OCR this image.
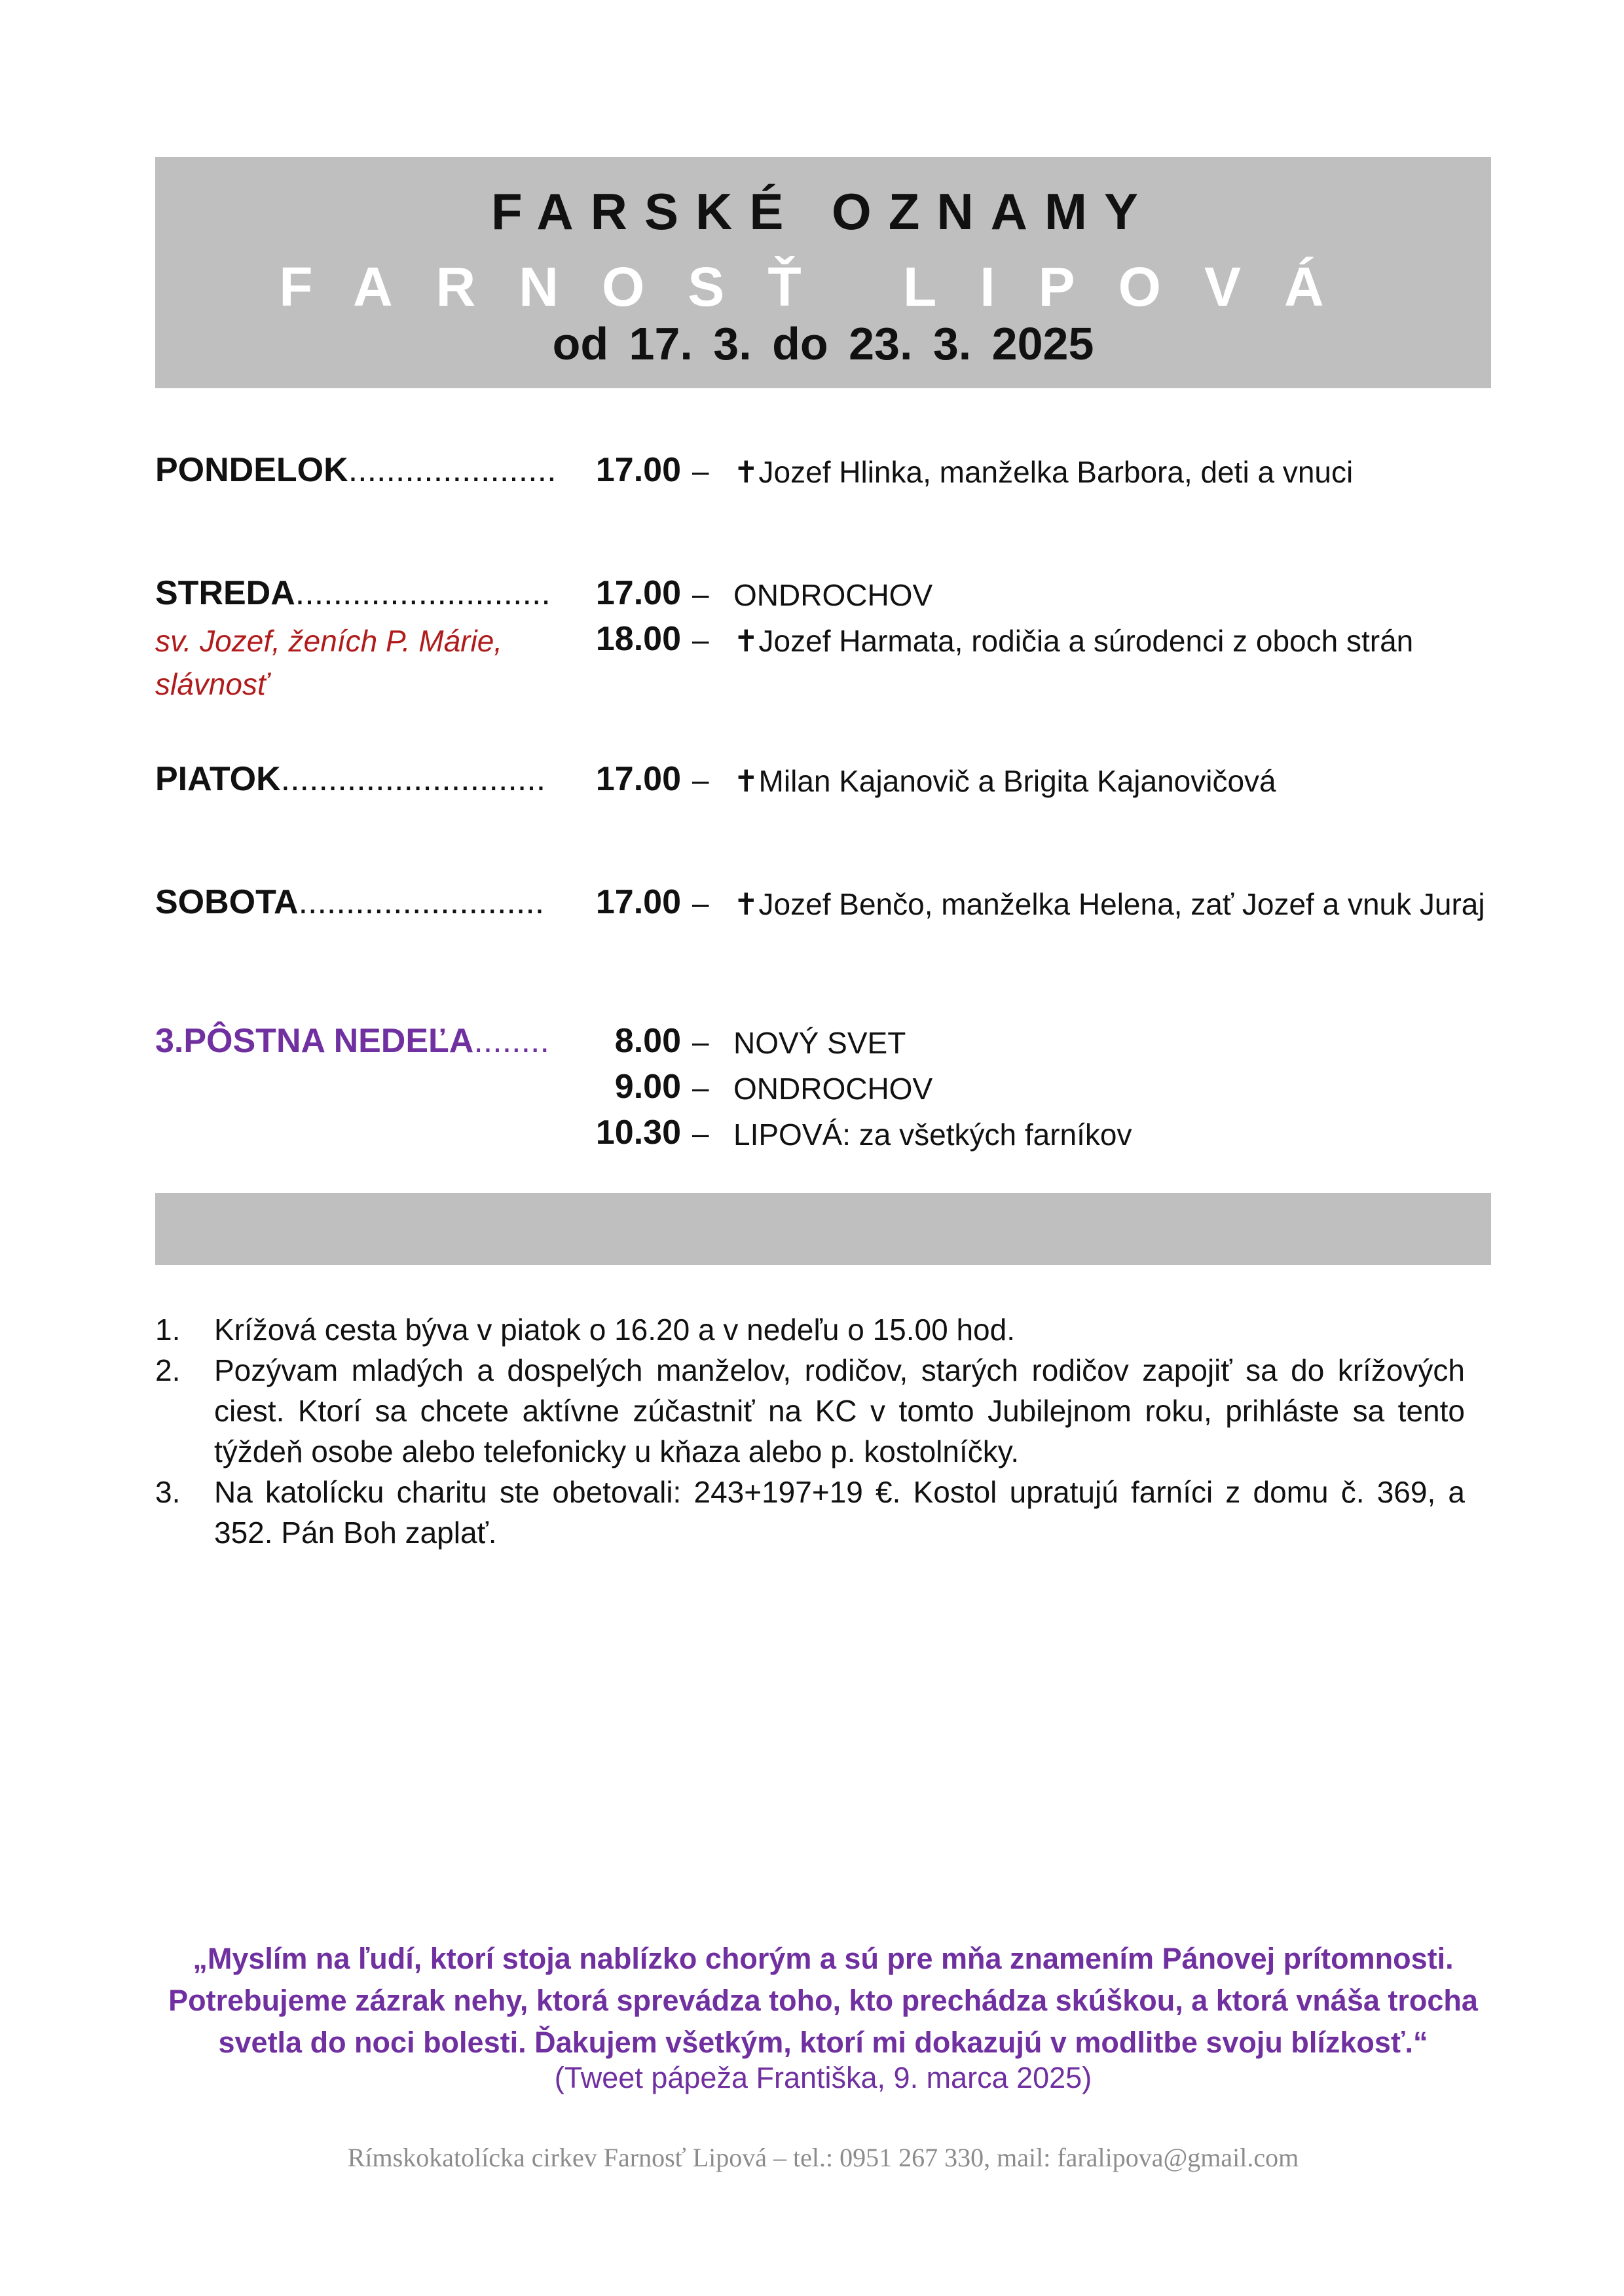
FARSKÉ OZNAMY
FARNOSŤ LIPOVÁ
od 17. 3. do 23. 3. 2025
PONDELOK......................	17.00 – ✝Jozef Hlinka, manželka Barbora, deti a vnuci
STREDA...........................	17.00 – ONDROCHOV
sv. Jozef, ženích P. Márie, slávnosť
18.00 – ✝Jozef Harmata, rodičia a súrodenci z oboch strán
PIATOK............................	17.00 – ✝Milan Kajanovič a Brigita Kajanovičová
SOBOTA..........................	17.00 – ✝Jozef Benčo, manželka Helena, zať Jozef a vnuk Juraj
3.PÔSTNA NEDEĽA........	8.00 – NOVÝ SVET
9.00 – ONDROCHOV
10.30 – LIPOVÁ: za všetkých farníkov
1. Krížová cesta býva v piatok o 16.20 a v nedeľu o 15.00 hod.
2. Pozývam mladých a dospelých manželov, rodičov, starých rodičov zapojiť sa do krížových ciest. Ktorí sa chcete aktívne zúčastniť na KC v tomto Jubilejnom roku, prihláste sa tento týždeň osobe alebo telefonicky u kňaza alebo p. kostolníčky.
3. Na katolícku charitu ste obetovali: 243+197+19 €. Kostol upratujú farníci z domu č. 369, a 352. Pán Boh zaplať.
„Myslím na ľudí, ktorí stoja nablízko chorým a sú pre mňa znamením Pánovej prítomnosti. Potrebujeme zázrak nehy, ktorá sprevádza toho, kto prechádza skúškou, a ktorá vnáša trocha svetla do noci bolesti. Ďakujem všetkým, ktorí mi dokazujú v modlitbe svoju blízkosť.“
(Tweet pápeža Františka, 9. marca 2025)
Rímskokatolícka cirkev Farnosť Lipová – tel.: 0951 267 330, mail: faralipova@gmail.com
